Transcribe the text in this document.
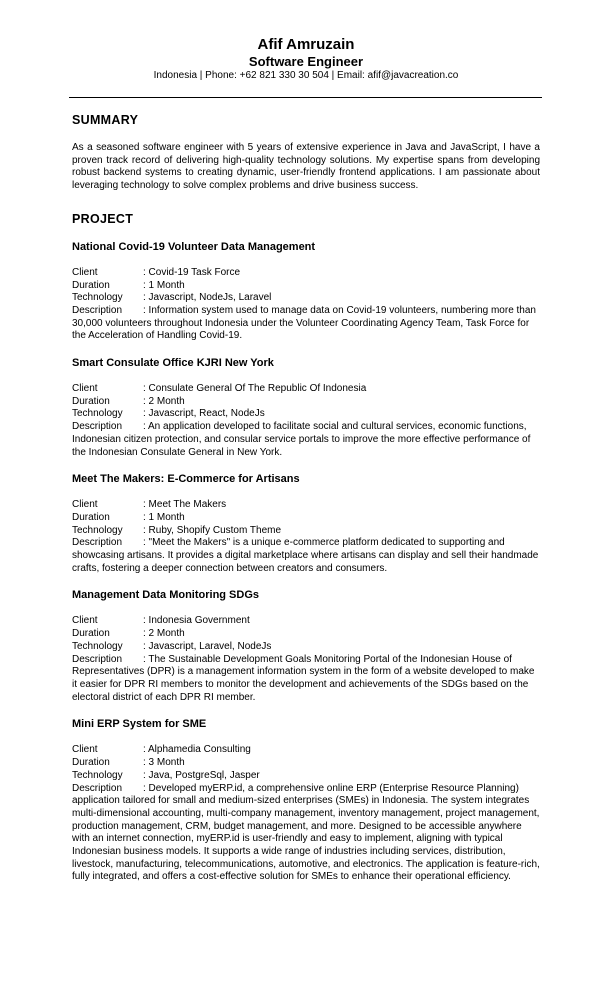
Afif Amruzain
Software Engineer
Indonesia | Phone: +62 821 330 30 504 | Email: afif@javacreation.co
SUMMARY
As a seasoned software engineer with 5 years of extensive experience in Java and JavaScript, I have a proven track record of delivering high-quality technology solutions. My expertise spans from developing robust backend systems to creating dynamic, user-friendly frontend applications. I am passionate about leveraging technology to solve complex problems and drive business success.
PROJECT
National Covid-19 Volunteer Data Management
Client	: Covid-19 Task Force
Duration	: 1 Month
Technology	: Javascript, NodeJs, Laravel
Description : Information system used to manage data on Covid-19 volunteers, numbering more than 30,000 volunteers throughout Indonesia under the Volunteer Coordinating Agency Team, Task Force for the Acceleration of Handling Covid-19.
Smart Consulate Office KJRI New York
Client	: Consulate General Of The Republic Of Indonesia
Duration	: 2 Month
Technology	: Javascript, React, NodeJs
Description : An application developed to facilitate social and cultural services, economic functions, Indonesian citizen protection, and consular service portals to improve the more effective performance of the Indonesian Consulate General in New York.
Meet The Makers: E-Commerce for Artisans
Client	: Meet The Makers
Duration	: 1 Month
Technology	: Ruby, Shopify Custom Theme
Description : "Meet the Makers" is a unique e-commerce platform dedicated to supporting and showcasing artisans. It provides a digital marketplace where artisans can display and sell their handmade crafts, fostering a deeper connection between creators and consumers.
Management Data Monitoring SDGs
Client	: Indonesia Government
Duration	: 2 Month
Technology	: Javascript, Laravel, NodeJs
Description : The Sustainable Development Goals Monitoring Portal of the Indonesian House of Representatives (DPR) is a management information system in the form of a website developed to make it easier for DPR RI members to monitor the development and achievements of the SDGs based on the electoral district of each DPR RI member.
Mini ERP System for SME
Client	: Alphamedia Consulting
Duration	: 3 Month
Technology	: Java, PostgreSql, Jasper
Description : Developed myERP.id, a comprehensive online ERP (Enterprise Resource Planning) application tailored for small and medium-sized enterprises (SMEs) in Indonesia. The system integrates multi-dimensional accounting, multi-company management, inventory management, project management, production management, CRM, budget management, and more. Designed to be accessible anywhere with an internet connection, myERP.id is user-friendly and easy to implement, aligning with typical Indonesian business models. It supports a wide range of industries including services, distribution, livestock, manufacturing, telecommunications, automotive, and electronics. The application is feature-rich, fully integrated, and offers a cost-effective solution for SMEs to enhance their operational efficiency.
